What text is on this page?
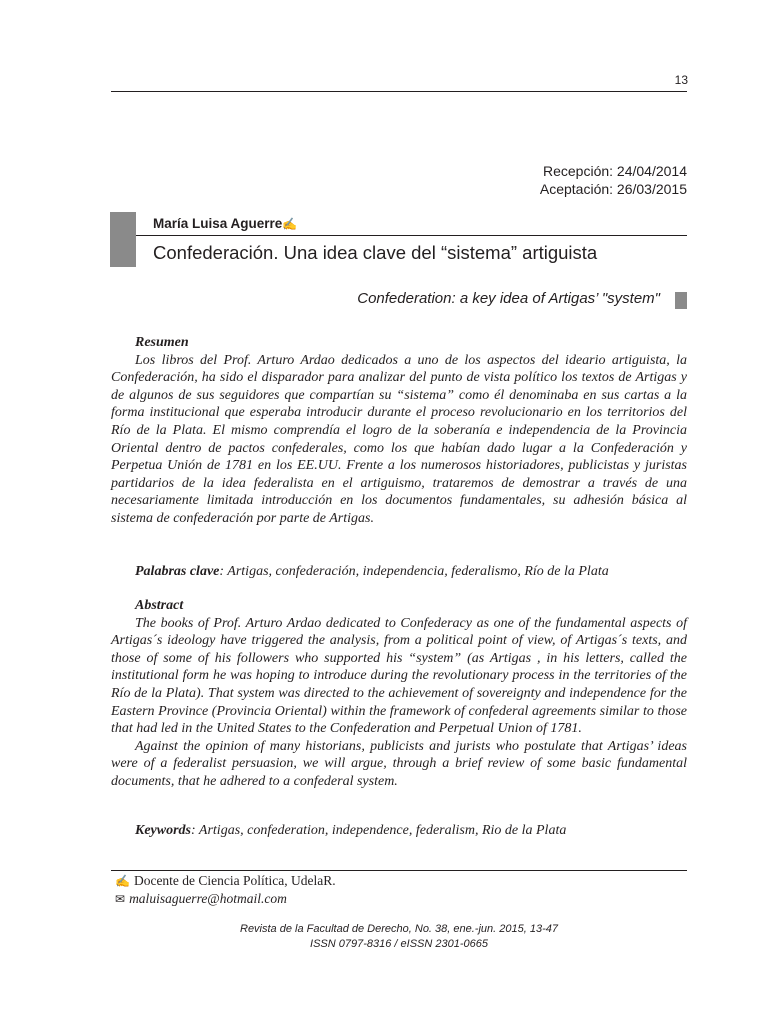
13
Recepción: 24/04/2014
Aceptación: 26/03/2015
María Luisa Aguerre✍
Confederación. Una idea clave del “sistema” artiguista
Confederation: a key idea of Artigas’ "system"
Resumen

Los libros del Prof. Arturo Ardao dedicados a uno de los aspectos del ideario artiguista, la Confederación, ha sido el disparador para analizar del punto de vista político los textos de Artigas y de algunos de sus seguidores que compartían su “sistema” como él denominaba en sus cartas a la forma institucional que esperaba introducir durante el proceso revolucionario en los territorios del Río de la Plata. El mismo comprendía el logro de la soberanía e independencia de la Provincia Oriental dentro de pactos confederales, como los que habían dado lugar a la Confederación y Perpetua Unión de 1781 en los EE.UU. Frente a los numerosos historiadores, publicistas y juristas partidarios de la idea federalista en el artiguismo, trataremos de demostrar a través de una necesariamente limitada introducción en los documentos fundamentales, su adhesión básica al sistema de confederación por parte de Artigas.

Palabras clave: Artigas, confederación, independencia, federalismo, Río de la Plata

Abstract

The books of Prof. Arturo Ardao dedicated to Confederacy as one of the fundamental aspects of Artigas´s ideology have triggered the analysis, from a political point of view, of Artigas´s texts, and those of some of his followers who supported his “system” (as Artigas , in his letters, called the institutional form he was hoping to introduce during the revolutionary process in the territories of the Río de la Plata). That system was directed to the achievement of sovereignty and independence for the Eastern Province (Provincia Oriental) within the framework of confederal agreements similar to those that had led in the United States to the Confederation and Perpetual Union of 1781.

Against the opinion of many historians, publicists and jurists who postulate that Artigas’ ideas were of a federalist persuasion, we will argue, through a brief review of some basic fundamental documents, that he adhered to a confederal system.

Keywords: Artigas, confederation, independence, federalism, Rio de la Plata

✍ Docente de Ciencia Política, UdelaR.
✉ maluisaguerre@hotmail.com
Revista de la Facultad de Derecho, No. 38, ene.-jun. 2015, 13-47
ISSN 0797-8316 / eISSN 2301-0665
